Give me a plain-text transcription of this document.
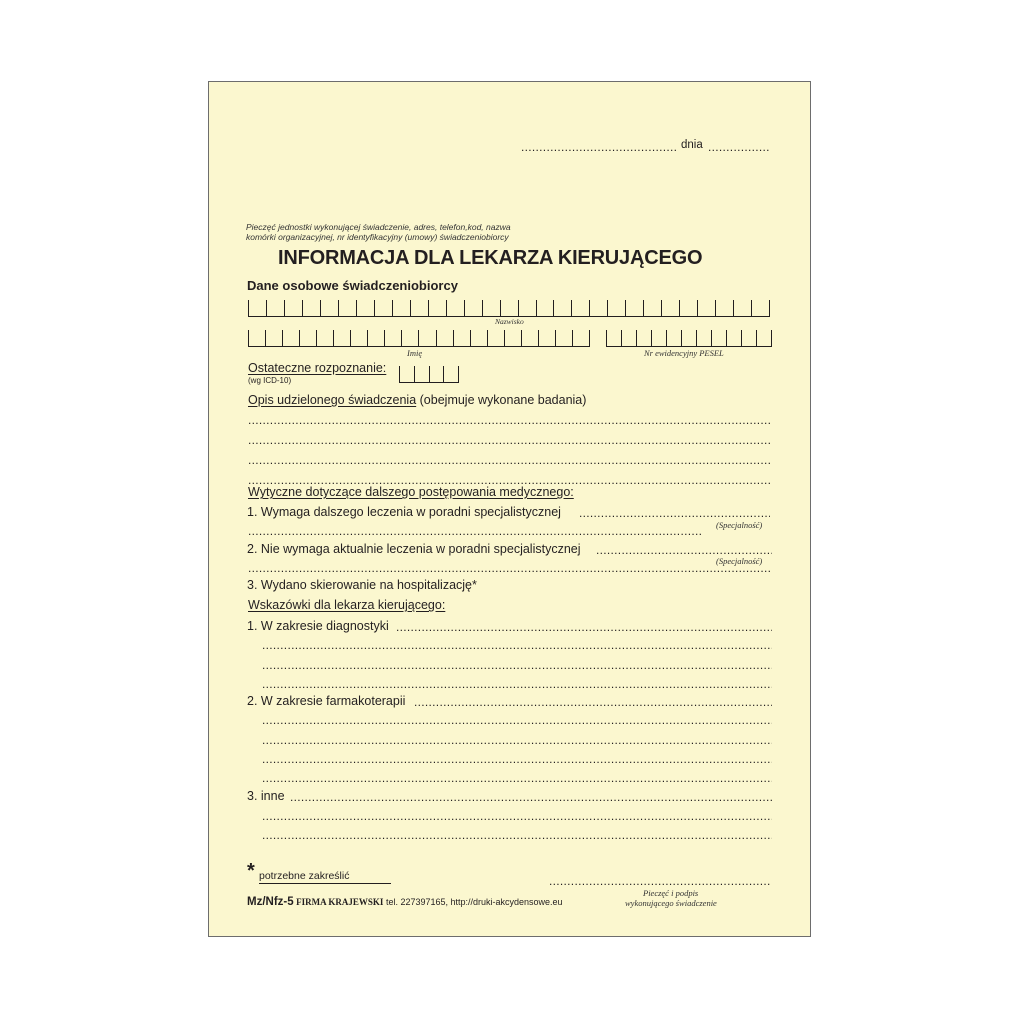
.....
dnia
.....
Pieczęć jednostki wykonującej świadczenie, adres, telefon,kod, nazwa
komórki organizacyjnej, nr identyfikacyjny (umowy) świadczeniobiorcy
INFORMACJA DLA LEKARZA KIERUJĄCEGO
Dane osobowe świadczeniobiorcy
Nazwisko
Imię	Nr ewidencyjny PESEL
Ostateczne rozpoznanie:
(wg ICD-10)
Opis udzielonego świadczenia (obejmuje wykonane badania)
.....
.....
.....
.....
Wytyczne dotyczące dalszego postępowania medycznego:
1. Wymaga dalszego leczenia w poradni specjalistycznej
.....
.....
(Specjalność)
2. Nie wymaga aktualnie leczenia w poradni specjalistycznej
.....
.....
(Specjalność)
3. Wydano skierowanie na hospitalizację*
Wskazówki dla lekarza kierującego:
1. W zakresie diagnostyki
.....
.....
.....
.....
2. W zakresie farmakoterapii
.....
.....
.....
.....
.....
3. inne
.....
.....
.....
* potrzebne zakreślić
.....
Pieczęć i podpis
wykonującego świadczenie
Mz/Nfz-5 FIRMA KRAJEWSKI tel. 227397165, http://druki-akcydensowe.eu
